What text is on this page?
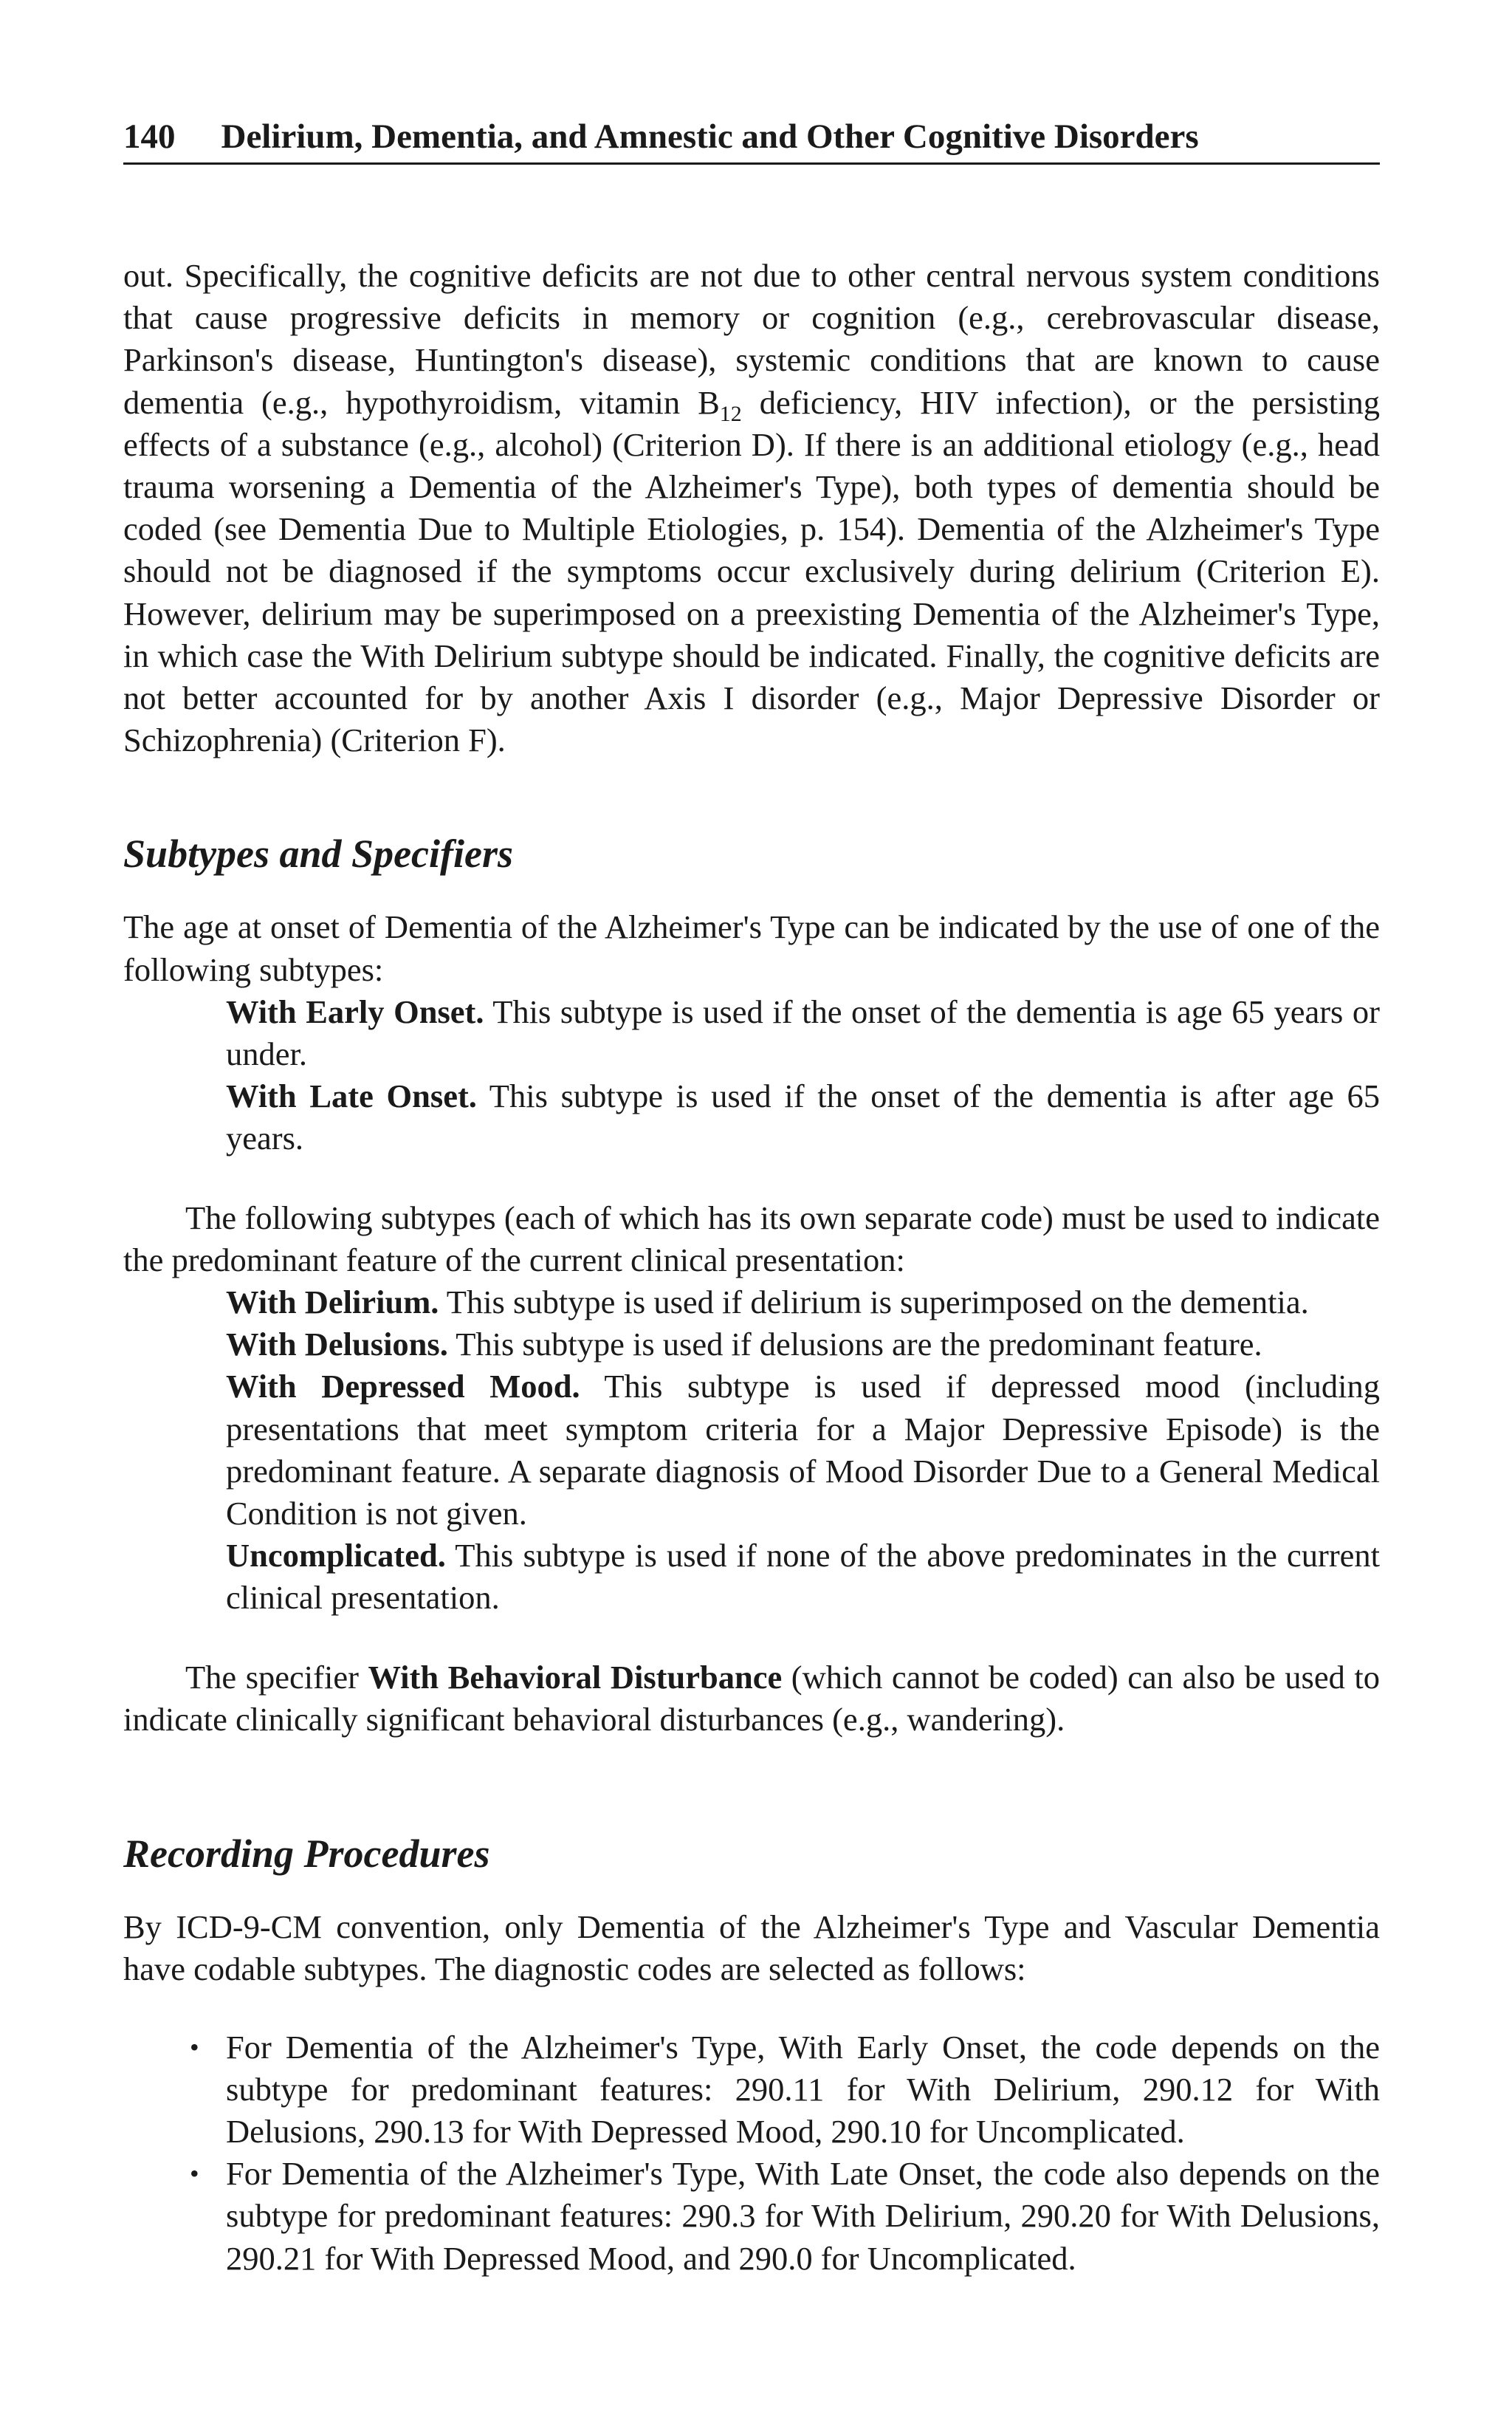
140 Delirium, Dementia, and Amnestic and Other Cognitive Disorders

out. Specifically, the cognitive deficits are not due to other central nervous system conditions that cause progressive deficits in memory or cognition (e.g., cerebrovascular disease, Parkinson's disease, Huntington's disease), systemic conditions that are known to cause dementia (e.g., hypothyroidism, vitamin $B_{12}$ deficiency, HIV infection), or the persisting effects of a substance (e.g., alcohol) (Criterion D). If there is an additional etiology (e.g., head trauma worsening a Dementia of the Alzheimer's Type), both types of dementia should be coded (see Dementia Due to Multiple Etiologies, p. 154). Dementia of the Alzheimer's Type should not be diagnosed if the symptoms occur exclusively during delirium (Criterion E). However, delirium may be superimposed on a preexisting Dementia of the Alzheimer's Type, in which case the With Delirium subtype should be indicated. Finally, the cognitive deficits are not better accounted for by another Axis I disorder (e.g., Major Depressive Disorder or Schizophrenia) (Criterion F).

Subtypes and Specifiers

The age at onset of Dementia of the Alzheimer's Type can be indicated by the use of one of the following subtypes:

With Early Onset. This subtype is used if the onset of the dementia is age 65 years or under.
With Late Onset. This subtype is used if the onset of the dementia is after age 65 years.

The following subtypes (each of which has its own separate code) must be used to indicate the predominant feature of the current clinical presentation:

With Delirium. This subtype is used if delirium is superimposed on the dementia.
With Delusions. This subtype is used if delusions are the predominant feature.
With Depressed Mood. This subtype is used if depressed mood (including presentations that meet symptom criteria for a Major Depressive Episode) is the predominant feature. A separate diagnosis of Mood Disorder Due to a General Medical Condition is not given.
Uncomplicated. This subtype is used if none of the above predominates in the current clinical presentation.

The specifier With Behavioral Disturbance (which cannot be coded) can also be used to indicate clinically significant behavioral disturbances (e.g., wandering).

Recording Procedures

By ICD-9-CM convention, only Dementia of the Alzheimer's Type and Vascular Dementia have codable subtypes. The diagnostic codes are selected as follows:

• For Dementia of the Alzheimer's Type, With Early Onset, the code depends on the subtype for predominant features: 290.11 for With Delirium, 290.12 for With Delusions, 290.13 for With Depressed Mood, 290.10 for Uncomplicated.
• For Dementia of the Alzheimer's Type, With Late Onset, the code also depends on the subtype for predominant features: 290.3 for With Delirium, 290.20 for With Delusions, 290.21 for With Depressed Mood, and 290.0 for Uncomplicated.
